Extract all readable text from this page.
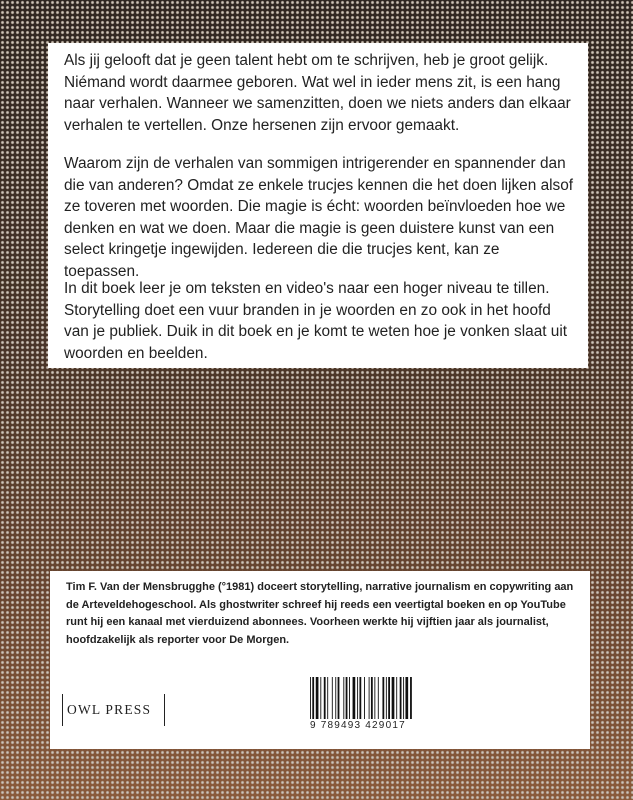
Als jij gelooft dat je geen talent hebt om te schrijven, heb je groot gelijk. Niémand wordt daarmee geboren. Wat wel in ieder mens zit, is een hang naar verhalen. Wanneer we samenzitten, doen we niets anders dan elkaar verhalen te vertellen. Onze hersenen zijn ervoor gemaakt.

Waarom zijn de verhalen van sommigen intrigerender en spannender dan die van anderen? Omdat ze enkele trucjes kennen die het doen lijken alsof ze toveren met woorden. Die magie is écht: woorden beïnvloeden hoe we denken en wat we doen. Maar die magie is geen duistere kunst van een select kringetje ingewijden. Iedereen die die trucjes kent, kan ze toepassen.

In dit boek leer je om teksten en video's naar een hoger niveau te tillen. Storytelling doet een vuur branden in je woorden en zo ook in het hoofd van je publiek. Duik in dit boek en je komt te weten hoe je vonken slaat uit woorden en beelden.

Tim F. Van der Mensbrugghe (°1981) doceert storytelling, narrative journalism en copywriting aan de Arteveldehogeschool. Als ghostwriter schreef hij reeds een veertigtal boeken en op YouTube runt hij een kanaal met vierduizend abonnees. Voorheen werkte hij vijftien jaar als journalist, hoofdzakelijk als reporter voor De Morgen.

OWL PRESS
9 789493 429017
